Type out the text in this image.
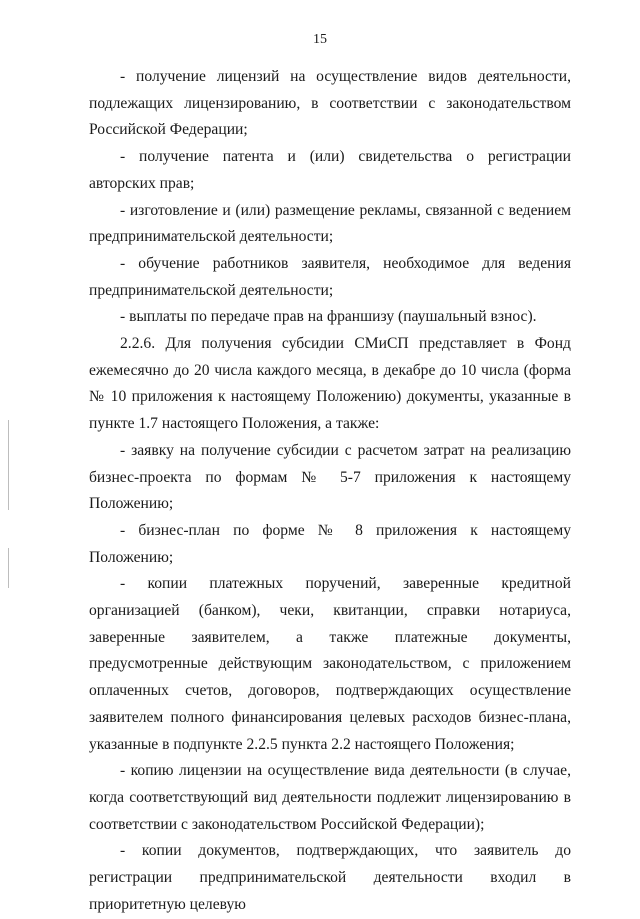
15

- получение лицензий на осуществление видов деятельности, подлежащих лицензированию, в соответствии с законодательством Российской Федерации;

- получение патента и (или) свидетельства о регистрации авторских прав;

- изготовление и (или) размещение рекламы, связанной с ведением предпринимательской деятельности;

- обучение работников заявителя, необходимое для ведения предпринимательской деятельности;

- выплаты по передаче прав на франшизу (паушальный взнос).

2.2.6. Для получения субсидии СМиСП представляет в Фонд ежемесячно до 20 числа каждого месяца, в декабре до 10 числа (форма № 10 приложения к настоящему Положению) документы, указанные в пункте 1.7 настоящего Положения, а также:

- заявку на получение субсидии с расчетом затрат на реализацию бизнес-проекта по формам № 5-7 приложения к настоящему Положению;

- бизнес-план по форме № 8 приложения к настоящему Положению;

- копии платежных поручений, заверенные кредитной организацией (банком), чеки, квитанции, справки нотариуса, заверенные заявителем, а также платежные документы, предусмотренные действующим законодательством, с приложением оплаченных счетов, договоров, подтверждающих осуществление заявителем полного финансирования целевых расходов бизнес-плана, указанные в подпункте 2.2.5 пункта 2.2 настоящего Положения;

- копию лицензии на осуществление вида деятельности (в случае, когда соответствующий вид деятельности подлежит лицензированию в соответствии с законодательством Российской Федерации);

- копии документов, подтверждающих, что заявитель до регистрации предпринимательской деятельности входил в приоритетную целевую
